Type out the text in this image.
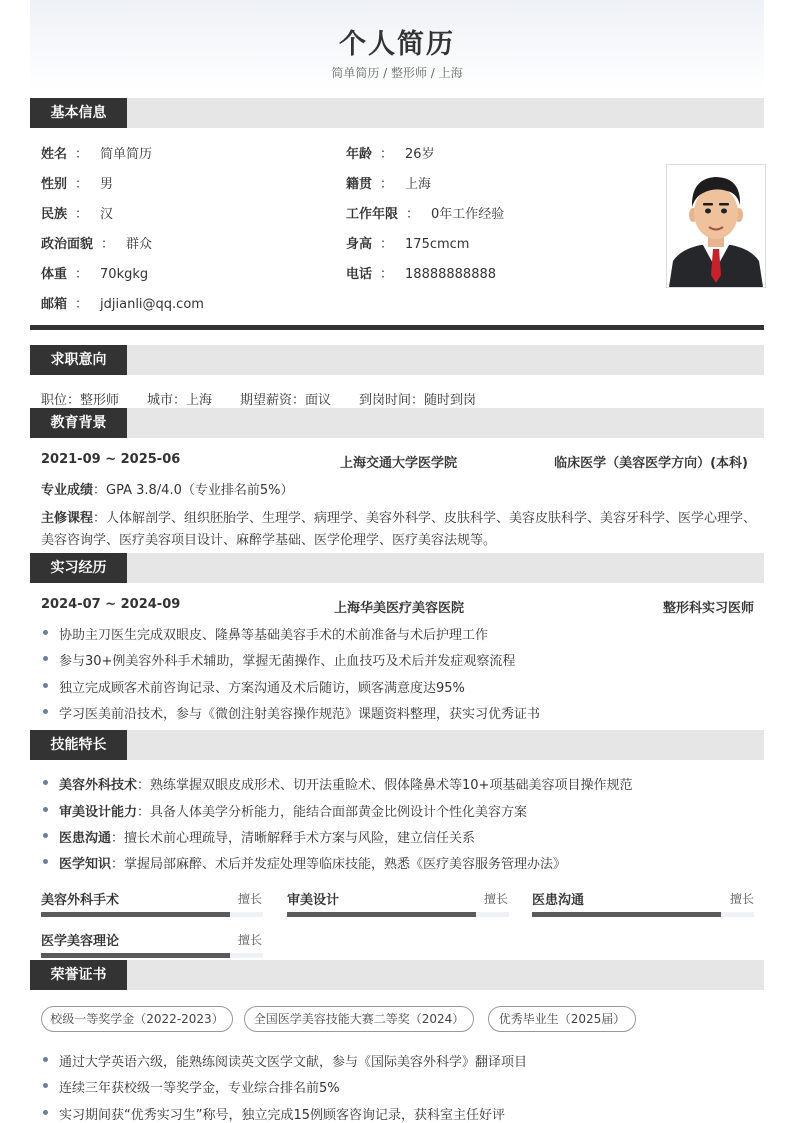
个人简历
简单简历 / 整形师 / 上海
基本信息
姓名 ： 简单简历
性别 ： 男
民族 ： 汉
政治面貌 ： 群众
体重 ： 70kgkg
邮箱 ： jdjianli@qq.com
年龄 ： 26岁
籍贯 ： 上海
工作年限 ： 0年工作经验
身高 ： 175cmcm
电话 ： 18888888888
求职意向
职位：整形师 城市：上海 期望薪资：面议 到岗时间：随时到岗
教育背景
2021-09 ~ 2025-06	上海交通大学医学院	临床医学（美容医学方向）(本科)
专业成绩：GPA 3.8/4.0（专业排名前5%）
主修课程：人体解剖学、组织胚胎学、生理学、病理学、美容外科学、皮肤科学、美容皮肤科学、美容牙科学、医学心理学、
美容咨询学、医疗美容项目设计、麻醉学基础、医学伦理学、医疗美容法规等。
实习经历
2024-07 ~ 2024-09	上海华美医疗美容医院	整形科实习医师
协助主刀医生完成双眼皮、隆鼻等基础美容手术的术前准备与术后护理工作
参与30+例美容外科手术辅助，掌握无菌操作、止血技巧及术后并发症观察流程
独立完成顾客术前咨询记录、方案沟通及术后随访，顾客满意度达95%
学习医美前沿技术，参与《微创注射美容操作规范》课题资料整理，获实习优秀证书
技能特长
美容外科技术：熟练掌握双眼皮成形术、切开法重睑术、假体隆鼻术等10+项基础美容项目操作规范
审美设计能力：具备人体美学分析能力，能结合面部黄金比例设计个性化美容方案
医患沟通：擅长术前心理疏导，清晰解释手术方案与风险，建立信任关系
医学知识：掌握局部麻醉、术后并发症处理等临床技能，熟悉《医疗美容服务管理办法》
美容外科手术	擅长 审美设计	擅长 医患沟通	擅长
医学美容理论	擅长
荣誉证书
校级一等奖学金（2022-2023）	全国医学美容技能大赛二等奖（2024）	优秀毕业生（2025届）
通过大学英语六级，能熟练阅读英文医学文献，参与《国际美容外科学》翻译项目
连续三年获校级一等奖学金，专业综合排名前5%
实习期间获“优秀实习生”称号，独立完成15例顾客咨询记录，获科室主任好评
